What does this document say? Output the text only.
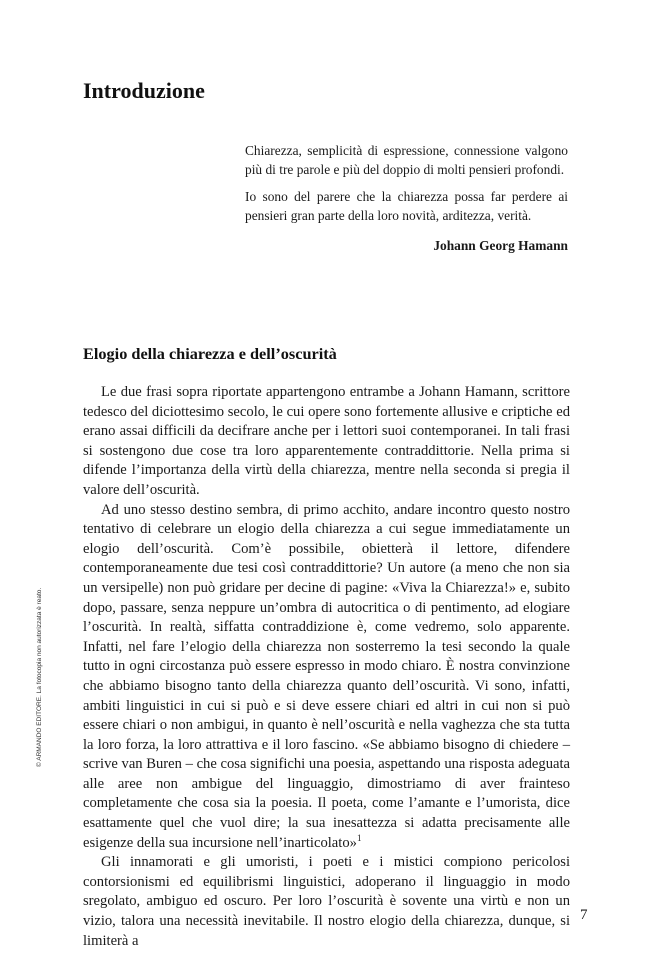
Introduzione

Chiarezza, semplicità di espressione, connessione valgono più di tre parole e più del doppio di molti pensieri profondi.

Io sono del parere che la chiarezza possa far perdere ai pensieri gran parte della loro novità, arditezza, verità.

Johann Georg Hamann

Elogio della chiarezza e dell’oscurità

Le due frasi sopra riportate appartengono entrambe a Johann Hamann, scrittore tedesco del diciottesimo secolo, le cui opere sono fortemente allusive e criptiche ed erano assai difficili da decifrare anche per i lettori suoi contemporanei. In tali frasi si sostengono due cose tra loro apparentemente contraddittorie. Nella prima si difende l’importanza della virtù della chiarezza, mentre nella seconda si pregia il valore dell’oscurità.

Ad uno stesso destino sembra, di primo acchito, andare incontro questo nostro tentativo di celebrare un elogio della chiarezza a cui segue immediatamente un elogio dell’oscurità. Com’è possibile, obietterà il lettore, difendere contemporaneamente due tesi così contraddittorie? Un autore (a meno che non sia un versipelle) non può gridare per decine di pagine: «Viva la Chiarezza!» e, subito dopo, passare, senza neppure un’ombra di autocritica o di pentimento, ad elogiare l’oscurità. In realtà, siffatta contraddizione è, come vedremo, solo apparente. Infatti, nel fare l’elogio della chiarezza non sosterremo la tesi secondo la quale tutto in ogni circostanza può essere espresso in modo chiaro. È nostra convinzione che abbiamo bisogno tanto della chiarezza quanto dell’oscurità. Vi sono, infatti, ambiti linguistici in cui si può e si deve essere chiari ed altri in cui non si può essere chiari o non ambigui, in quanto è nell’oscurità e nella vaghezza che sta tutta la loro forza, la loro attrattiva e il loro fascino. «Se abbiamo bisogno di chiedere – scrive van Buren – che cosa significhi una poesia, aspettando una risposta adeguata alle aree non ambigue del linguaggio, dimostriamo di aver frainteso completamente che cosa sia la poesia. Il poeta, come l’amante e l’umorista, dice esattamente quel che vuol dire; la sua inesattezza si adatta precisamente alle esigenze della sua incursione nell’inarticolato»$^1$

Gli innamorati e gli umoristi, i poeti e i mistici compiono pericolosi contorsionismi ed equilibrismi linguistici, adoperano il linguaggio in modo sregolato, ambiguo ed oscuro. Per loro l’oscurità è sovente una virtù e non un vizio, talora una necessità inevitabile. Il nostro elogio della chiarezza, dunque, si limiterà a

© ARMANDO EDITORE. La fotocopia non autorizzata è reato.
7
